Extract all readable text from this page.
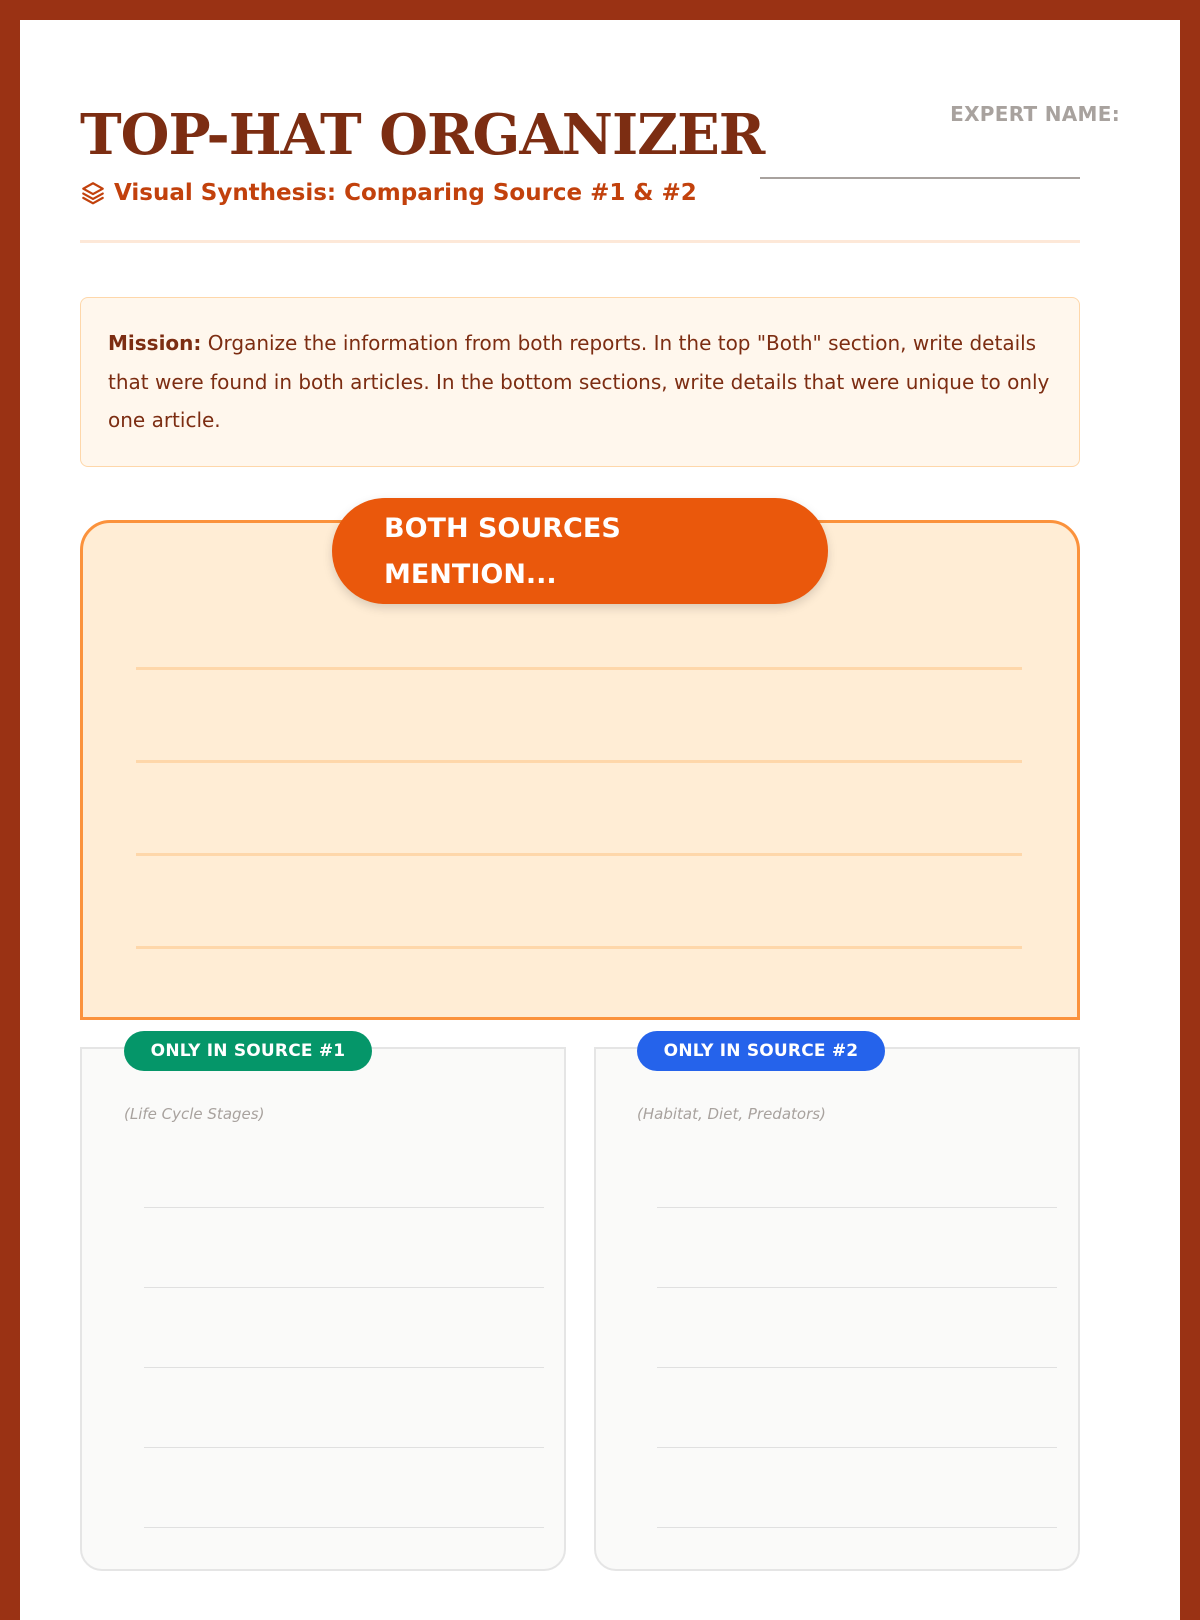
TOP-HAT ORGANIZER
Visual Synthesis: Comparing Source #1 & #2
EXPERT NAME:
Mission: Organize the information from both reports. In the top "Both" section, write details that were found in both articles. In the bottom sections, write details that were unique to only one article.
BOTH SOURCES MENTION...
ONLY IN SOURCE #1
(Life Cycle Stages)
ONLY IN SOURCE #2
(Habitat, Diet, Predators)
